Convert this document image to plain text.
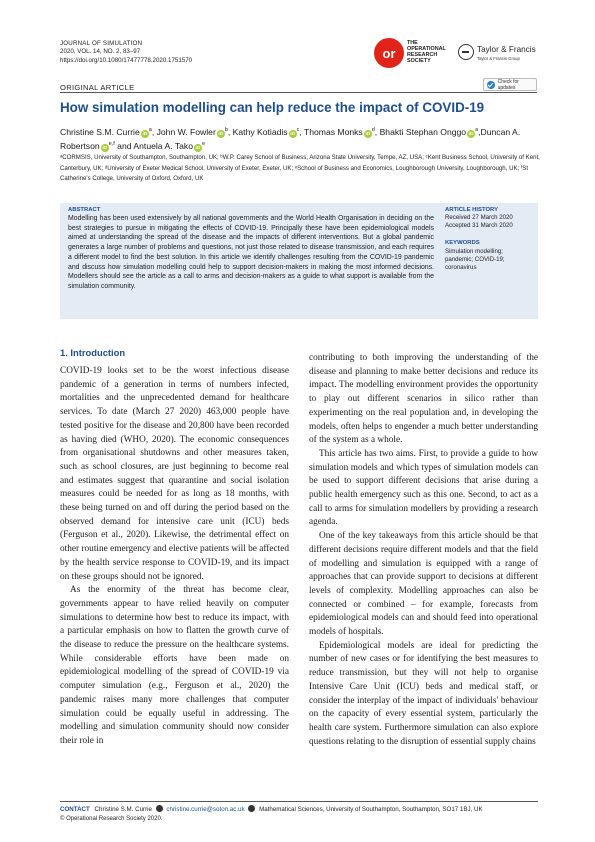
JOURNAL OF SIMULATION
2020, VOL. 14, NO. 2, 83–97
https://doi.org/10.1080/17477778.2020.1751570	or
THE
OPERATIONAL
RESEARCH
SOCIETY
Taylor & Francis
Taylor & Francis Group
ORIGINAL ARTICLE
Check for updates
How simulation modelling can help reduce the impact of COVID-19
Christine S.M. Currie $iD^a$, John W. Fowler $iD^b$, Kathy Kotiadis $iD^c$, Thomas Monks $iD^d$, Bhakti Stephan Onggo $iD^a,Duncan$ A. Robertson iD$^{e,f}$ and Antuela A. Tako $iD^e$
ᵃCORMSIS, University of Southampton, Southampton, UK; ᵇW.P. Carey School of Business, Arizona State University, Tempe, AZ, USA; ᶜKent Business School, University of Kent, Canterbury, UK; ᵈUniversity of Exeter Medical School, University of Exeter, Exeter, UK; ᵉSchool of Business and Economics, Loughborough University, Loughborough, UK; ᶠSt Catherine's College, University of Oxford, Oxford, UK
ABSTRACT
Modelling has been used extensively by all national governments and the World Health Organisation in deciding on the best strategies to pursue in mitigating the effects of COVID-19. Principally these have been epidemiological models aimed at understanding the spread of the disease and the impacts of different interventions. But a global pandemic generates a large number of problems and questions, not just those related to disease transmission, and each requires a different model to find the best solution. In this article we identify challenges resulting from the COVID-19 pandemic and discuss how simulation modelling could help to support decision-makers in making the most informed decisions. Modellers should see the article as a call to arms and decision-makers as a guide to what support is available from the simulation community.
ARTICLE HISTORY
Received 27 March 2020
Accepted 31 March 2020
KEYWORDS
Simulation modelling;
pandemic; COVID-19;
coronavirus
1. Introduction

COVID-19 looks set to be the worst infectious disease pandemic of a generation in terms of numbers infected, mortalities and the unprecedented demand for healthcare services. To date (March 27 2020) 463,000 people have tested positive for the disease and 20,800 have been recorded as having died (WHO, 2020). The economic consequences from organisational shutdowns and other measures taken, such as school closures, are just beginning to become real and estimates suggest that quarantine and social isolation measures could be needed for as long as 18 months, with these being turned on and off during the period based on the observed demand for intensive care unit (ICU) beds (Ferguson et al., 2020). Likewise, the detrimental effect on other routine emergency and elective patients will be affected by the health service response to COVID-19, and its impact on these groups should not be ignored.

As the enormity of the threat has become clear, governments appear to have relied heavily on computer simulations to determine how best to reduce its impact, with a particular emphasis on how to flatten the growth curve of the disease to reduce the pressure on the healthcare systems. While considerable efforts have been made on epidemiological modelling of the spread of COVID-19 via computer simulation (e.g., Ferguson et al., 2020) the pandemic raises many more challenges that computer simulation could be equally useful in addressing. The modelling and simulation community should now consider their role in

contributing to both improving the understanding of the disease and planning to make better decisions and reduce its impact. The modelling environment provides the opportunity to play out different scenarios in silico rather than experimenting on the real population and, in developing the models, often helps to engender a much better understanding of the system as a whole.

This article has two aims. First, to provide a guide to how simulation models and which types of simulation models can be used to support different decisions that arise during a public health emergency such as this one. Second, to act as a call to arms for simulation modellers by providing a research agenda.

One of the key takeaways from this article should be that different decisions require different models and that the field of modelling and simulation is equipped with a range of approaches that can provide support to decisions at different levels of complexity. Modelling approaches can also be connected or combined – for example, forecasts from epidemiological models can and should feed into operational models of hospitals.

Epidemiological models are ideal for predicting the number of new cases or for identifying the best measures to reduce transmission, but they will not help to organise Intensive Care Unit (ICU) beds and medical staff, or consider the interplay of the impact of individuals' behaviour on the capacity of every essential system, particularly the health care system. Furthermore simulation can also explore questions relating to the disruption of essential supply chains

CONTACT Christine S.M. Currie christine.currie@soton.ac.uk Mathematical Sciences, University of Southampton, Southampton, SO17 1BJ, UK
© Operational Research Society 2020.
